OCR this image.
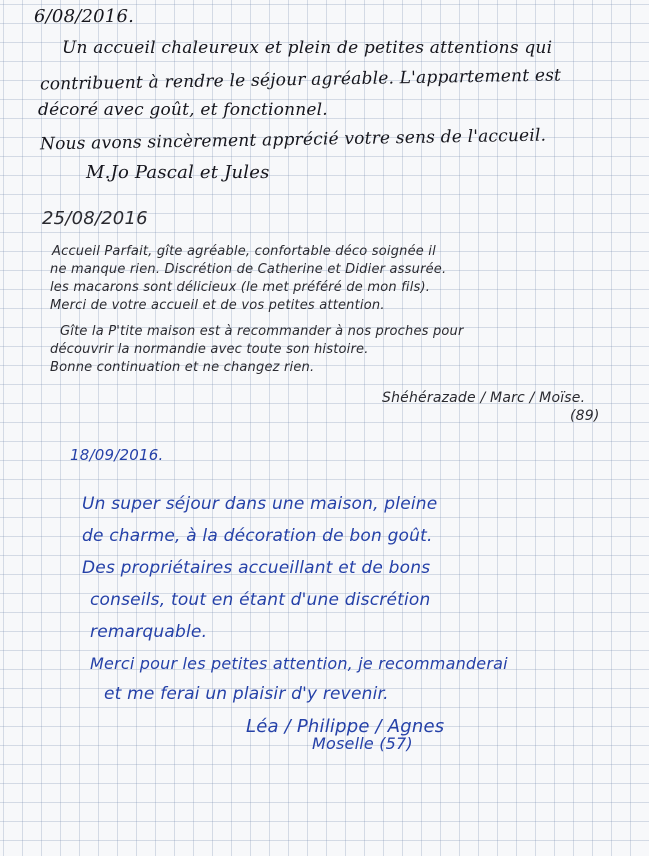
6/08/2016.
Un accueil chaleureux et plein de petites attentions qui
contribuent à rendre le séjour agréable. L'appartement est
décoré avec goût, et fonctionnel.
Nous avons sincèrement apprécié votre sens de l'accueil.
M.Jo Pascal et Jules
25/08/2016
Accueil Parfait, gîte agréable, confortable déco soignée il
ne manque rien. Discrétion de Catherine et Didier assurée.
les macarons sont délicieux (le met préféré de mon fils).
Merci de votre accueil et de vos petites attention.
Gîte la P'tite maison est à recommander à nos proches pour
découvrir la normandie avec toute son histoire.
Bonne continuation et ne changez rien.
Shéhérazade / Marc / Moïse.
(89)
18/09/2016.
Un super séjour dans une maison, pleine
de charme, à la décoration de bon goût.
Des propriétaires accueillant et de bons
conseils, tout en étant d'une discrétion
remarquable.
Merci pour les petites attention, je recommanderai
et me ferai un plaisir d'y revenir.
Léa / Philippe / Agnes
Moselle (57)
